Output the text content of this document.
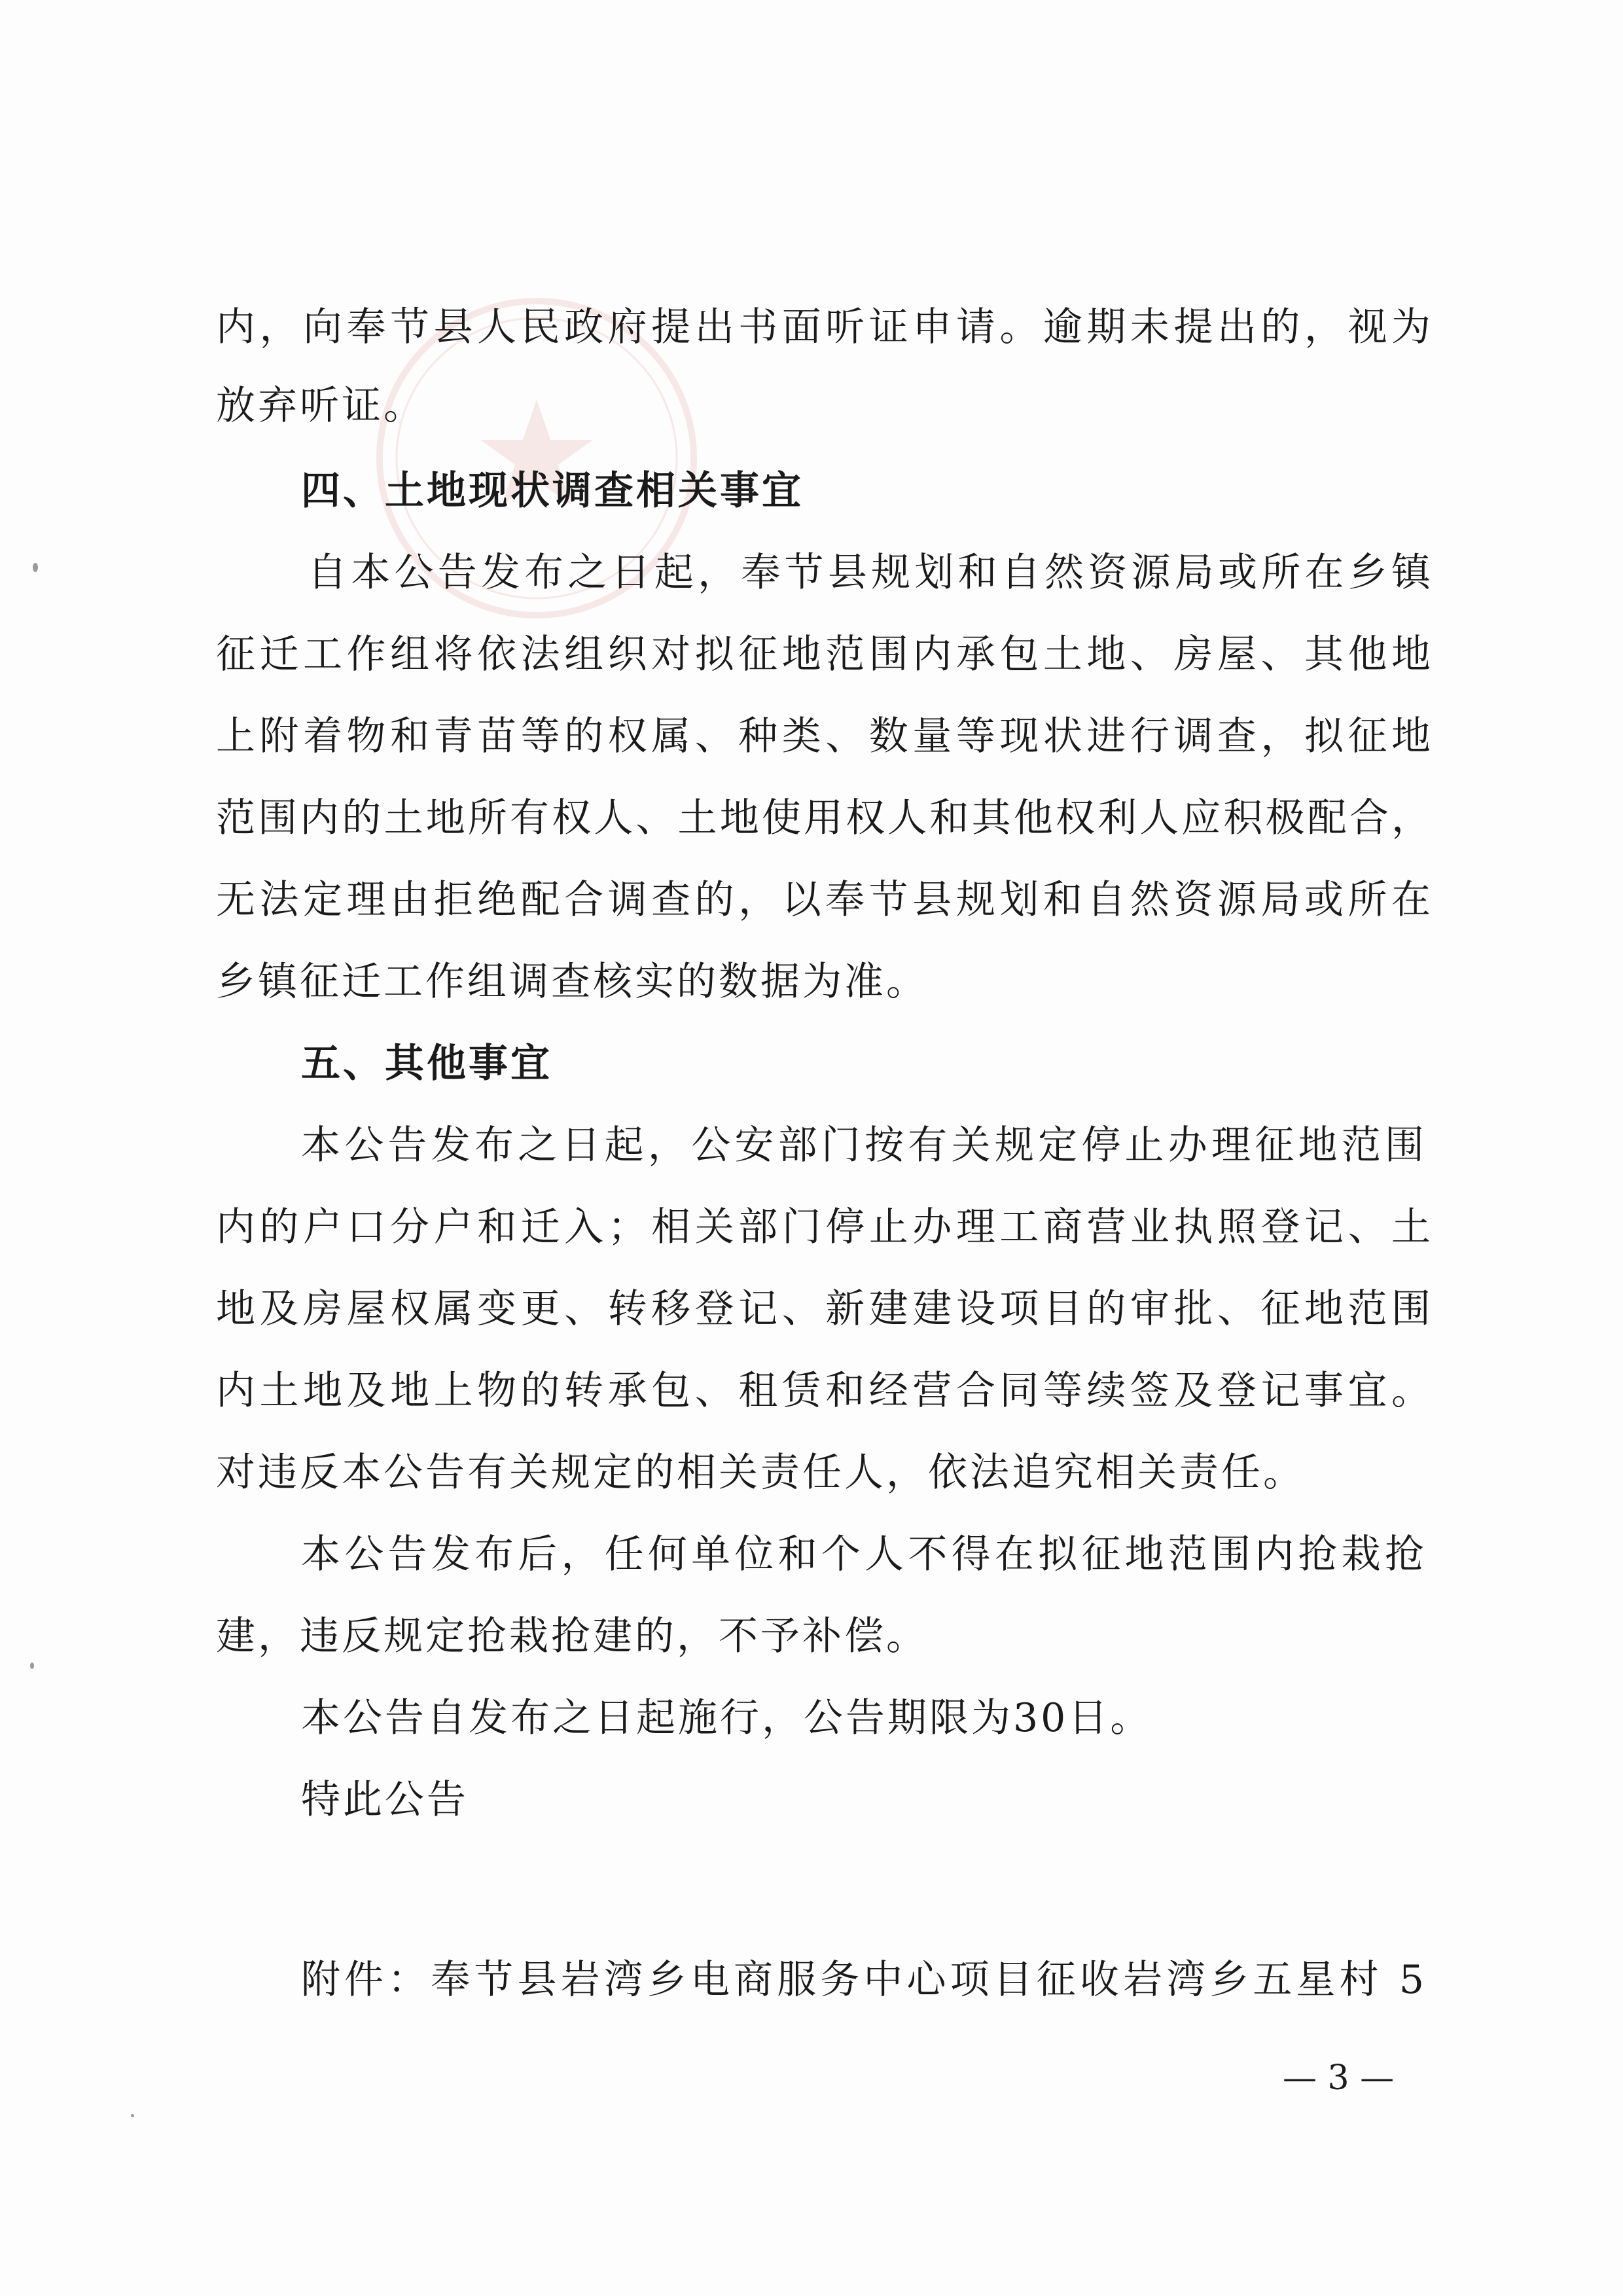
内，向奉节县人民政府提出书面听证申请。逾期未提出的，视为
放弃听证。
四、土地现状调查相关事宜
自本公告发布之日起，奉节县规划和自然资源局或所在乡镇
征迁工作组将依法组织对拟征地范围内承包土地、房屋、其他地
上附着物和青苗等的权属、种类、数量等现状进行调查，拟征地
范围内的土地所有权人、土地使用权人和其他权利人应积极配合，
无法定理由拒绝配合调查的，以奉节县规划和自然资源局或所在
乡镇征迁工作组调查核实的数据为准。
五、其他事宜
本公告发布之日起，公安部门按有关规定停止办理征地范围
内的户口分户和迁入；相关部门停止办理工商营业执照登记、土
地及房屋权属变更、转移登记、新建建设项目的审批、征地范围
内土地及地上物的转承包、租赁和经营合同等续签及登记事宜。
对违反本公告有关规定的相关责任人，依法追究相关责任。
本公告发布后，任何单位和个人不得在拟征地范围内抢栽抢
建，违反规定抢栽抢建的，不予补偿。
本公告自发布之日起施行，公告期限为30日。
特此公告
附件：奉节县岩湾乡电商服务中心项目征收岩湾乡五星村 5
— 3 —
